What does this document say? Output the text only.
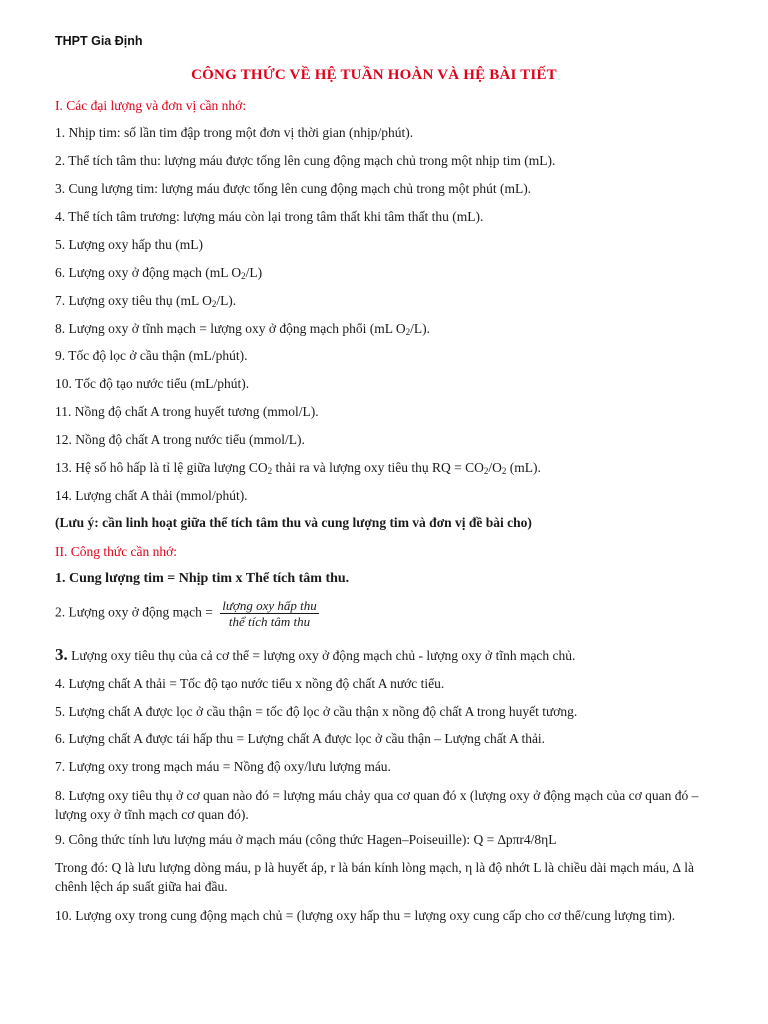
THPT Gia Định
CÔNG THỨC VỀ HỆ TUẦN HOÀN VÀ HỆ BÀI TIẾT
I. Các đại lượng và đơn vị cần nhớ:
1. Nhịp tim: số lần tim đập trong một đơn vị thời gian (nhịp/phút).
2. Thể tích tâm thu: lượng máu được tống lên cung động mạch chủ trong một nhịp tim (mL).
3. Cung lượng tim: lượng máu được tống lên cung động mạch chủ trong một phút (mL).
4. Thể tích tâm trương: lượng máu còn lại trong tâm thất khi tâm thất thu (mL).
5. Lượng oxy hấp thu (mL)
6. Lượng oxy ở động mạch (mL $O_2/L$)
7. Lượng oxy tiêu thụ (mL $O_2/L$).
8. Lượng oxy ở tĩnh mạch = lượng oxy ở động mạch phổi (mL $O_2/L$).
9. Tốc độ lọc ở cầu thận (mL/phút).
10. Tốc độ tạo nước tiểu (mL/phút).
11. Nồng độ chất A trong huyết tương (mmol/L).
12. Nồng độ chất A trong nước tiểu (mmol/L).
13. Hệ số hô hấp là tỉ lệ giữa lượng $CO_2$ thải ra và lượng oxy tiêu thụ RQ = $CO_2/O_2$ (mL).
14. Lượng chất A thải (mmol/phút).
(Lưu ý: cần linh hoạt giữa thể tích tâm thu và cung lượng tim và đơn vị đề bài cho)
II. Công thức cần nhớ:
1. Cung lượng tim = Nhịp tim x Thể tích tâm thu.
2. Lượng oxy ở động mạch = $\frac{\text{lượng oxy hấp thu}}{\text{thể tích tâm thu}}$
3. Lượng oxy tiêu thụ của cả cơ thể = lượng oxy ở động mạch chủ - lượng oxy ở tĩnh mạch chủ.
4. Lượng chất A thải = Tốc độ tạo nước tiểu x nồng độ chất A nước tiểu.
5. Lượng chất A được lọc ở cầu thận = tốc độ lọc ở cầu thận x nồng độ chất A trong huyết tương.
6. Lượng chất A được tái hấp thu = Lượng chất A được lọc ở cầu thận – Lượng chất A thải.
7. Lượng oxy trong mạch máu = Nồng độ oxy/lưu lượng máu.
8. Lượng oxy tiêu thụ ở cơ quan nào đó = lượng máu chảy qua cơ quan đó x (lượng oxy ở động mạch của cơ quan đó – lượng oxy ở tĩnh mạch cơ quan đó).
9. Công thức tính lưu lượng máu ở mạch máu (công thức Hagen–Poiseuille): Q = ∆pπr4/8ηL
Trong đó: Q là lưu lượng dòng máu, p là huyết áp, r là bán kính lòng mạch, η là độ nhớt L là chiều dài mạch máu, ∆ là chênh lệch áp suất giữa hai đầu.
10. Lượng oxy trong cung động mạch chủ = (lượng oxy hấp thu = lượng oxy cung cấp cho cơ thể/cung lượng tim).
